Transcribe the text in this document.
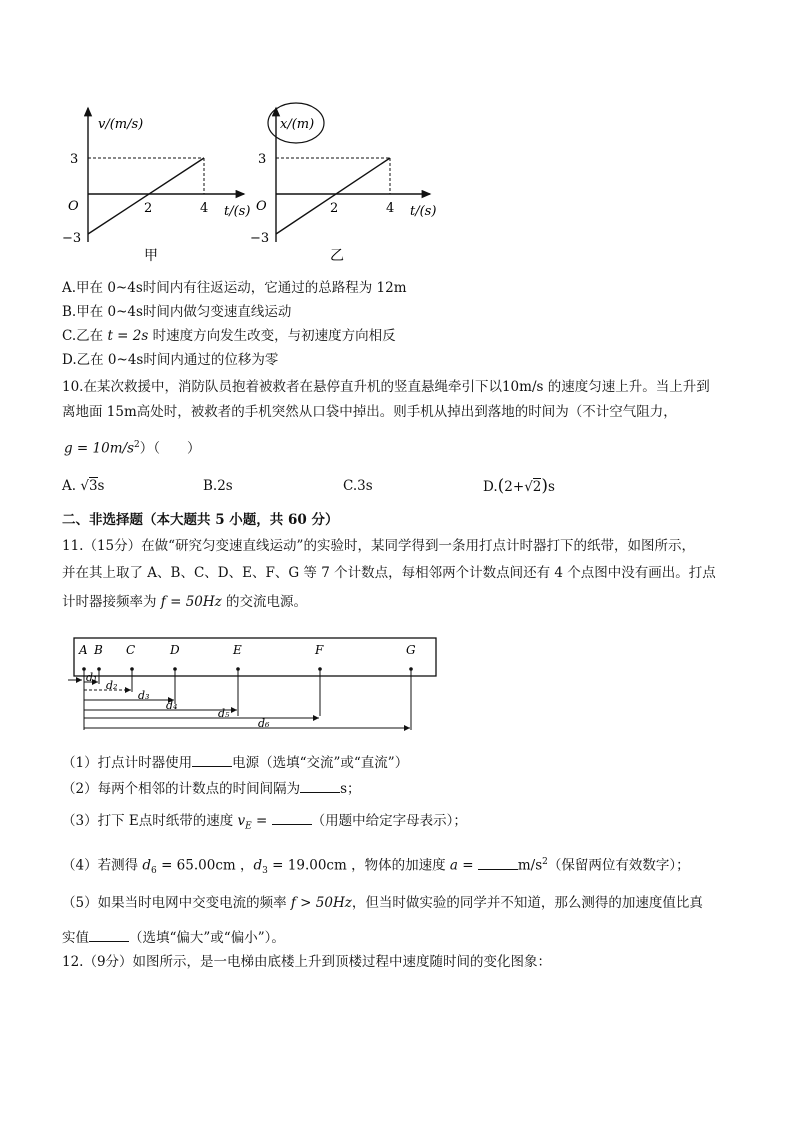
v/(m/s)
3
O
−3
2	4 t/(s)
甲
x/(m)
3
O
−3
2	4 t/(s)
乙
A.甲在 0~4s时间内有往返运动，它通过的总路程为 12m
B.甲在 0~4s时间内做匀变速直线运动
C.乙在 t = 2s 时速度方向发生改变，与初速度方向相反
D.乙在 0~4s时间内通过的位移为零
10.在某次救援中，消防队员抱着被救者在悬停直升机的竖直悬绳牵引下以10m/s 的速度匀速上升。当上升到
离地面 15m高处时，被救者的手机突然从口袋中掉出。则手机从掉出到落地的时间为（不计空气阻力，
$g = 10m/s^2$）（　　）
A. √3s	B.2s	C.3s	D.(2+√2)s
二、非选择题（本大题共 5 小题，共 60 分）
11.（15分）在做“研究匀变速直线运动”的实验时，某同学得到一条用打点计时器打下的纸带，如图所示，
并在其上取了 A、B、C、D、E、F、G 等 7 个计数点，每相邻两个计数点间还有 4 个点图中没有画出。打点
计时器接频率为 f = 50Hz 的交流电源。
A B C	D	E	F	G
d₁
d₂
d₃
d₄
d₅
d₆
（1）打点计时器使用	电源（选填“交流”或“直流”）
（2）每两个相邻的计数点的时间间隔为	s；
（3）打下 E点时纸带的速度 $v_E$ =	（用题中给定字母表示）；
（4）若测得 $d_6 = 65.00cm$ ，$d_3 = 19.00cm$ ，物体的加速度 a =	$m/s^2$（保留两位有效数字）；
（5）如果当时电网中交变电流的频率 f > 50Hz，但当时做实验的同学并不知道，那么测得的加速度值比真
实值	（选填“偏大”或“偏小”）。
12.（9分）如图所示，是一电梯由底楼上升到顶楼过程中速度随时间的变化图象：
